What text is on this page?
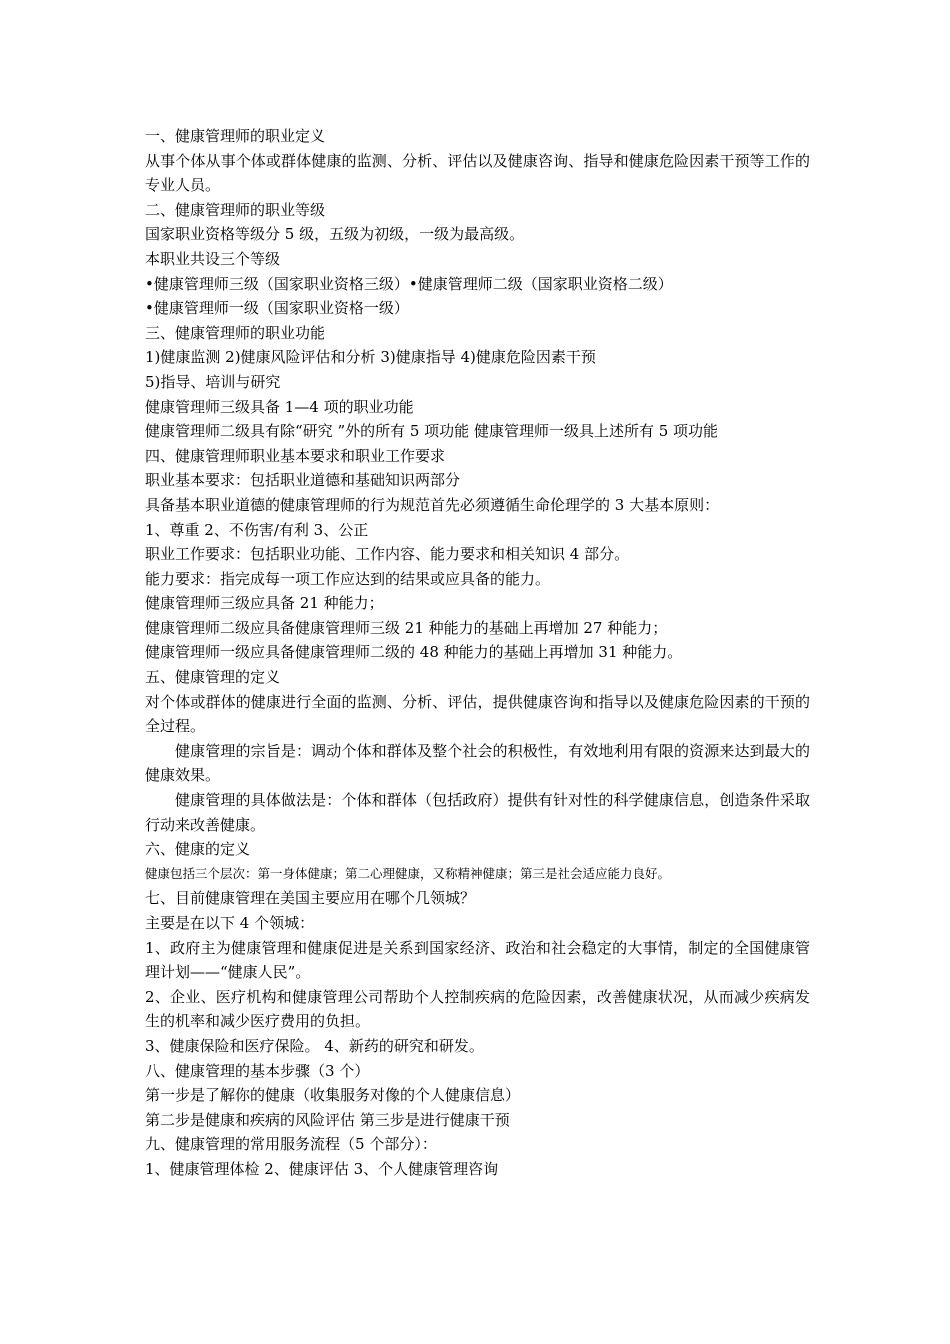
一、健康管理师的职业定义

从事个体从事个体或群体健康的监测、分析、评估以及健康咨询、指导和健康危险因素干预等工作的专业人员。

二、健康管理师的职业等级

国家职业资格等级分 5 级，五级为初级，一级为最高级。

本职业共设三个等级

•健康管理师三级（国家职业资格三级）•健康管理师二级（国家职业资格二级）

•健康管理师一级（国家职业资格一级）

三、健康管理师的职业功能

1)健康监测 2)健康风险评估和分析 3)健康指导 4)健康危险因素干预

5)指导、培训与研究

健康管理师三级具备 1—4 项的职业功能

健康管理师二级具有除“研究 ”外的所有 5 项功能 健康管理师一级具上述所有 5 项功能

四、健康管理师职业基本要求和职业工作要求

职业基本要求：包括职业道德和基础知识两部分

具备基本职业道德的健康管理师的行为规范首先必须遵循生命伦理学的 3 大基本原则：

1、尊重 2、不伤害/有利 3、公正

职业工作要求：包括职业功能、工作内容、能力要求和相关知识 4 部分。

能力要求：指完成每一项工作应达到的结果或应具备的能力。

健康管理师三级应具备 21 种能力；

健康管理师二级应具备健康管理师三级 21 种能力的基础上再增加 27 种能力；

健康管理师一级应具备健康管理师二级的 48 种能力的基础上再增加 31 种能力。

五、健康管理的定义

对个体或群体的健康进行全面的监测、分析、评估，提供健康咨询和指导以及健康危险因素的干预的全过程。

健康管理的宗旨是：调动个体和群体及整个社会的积极性，有效地利用有限的资源来达到最大的健康效果。

健康管理的具体做法是：个体和群体（包括政府）提供有针对性的科学健康信息，创造条件采取行动来改善健康。

六、健康的定义

健康包括三个层次：第一身体健康；第二心理健康，又称精神健康；第三是社会适应能力良好。

七、目前健康管理在美国主要应用在哪个几领城？

主要是在以下 4 个领城：

1、政府主为健康管理和健康促进是关系到国家经济、政治和社会稳定的大事情，制定的全国健康管理计划——“健康人民”。

2、企业、医疗机构和健康管理公司帮助个人控制疾病的危险因素，改善健康状况，从而减少疾病发生的机率和减少医疗费用的负担。

3、健康保险和医疗保险。 4、新药的研究和研发。

八、健康管理的基本步骤（3 个）

第一步是了解你的健康（收集服务对像的个人健康信息）

第二步是健康和疾病的风险评估 第三步是进行健康干预

九、健康管理的常用服务流程（5 个部分）：

1、健康管理体检 2、健康评估 3、个人健康管理咨询
